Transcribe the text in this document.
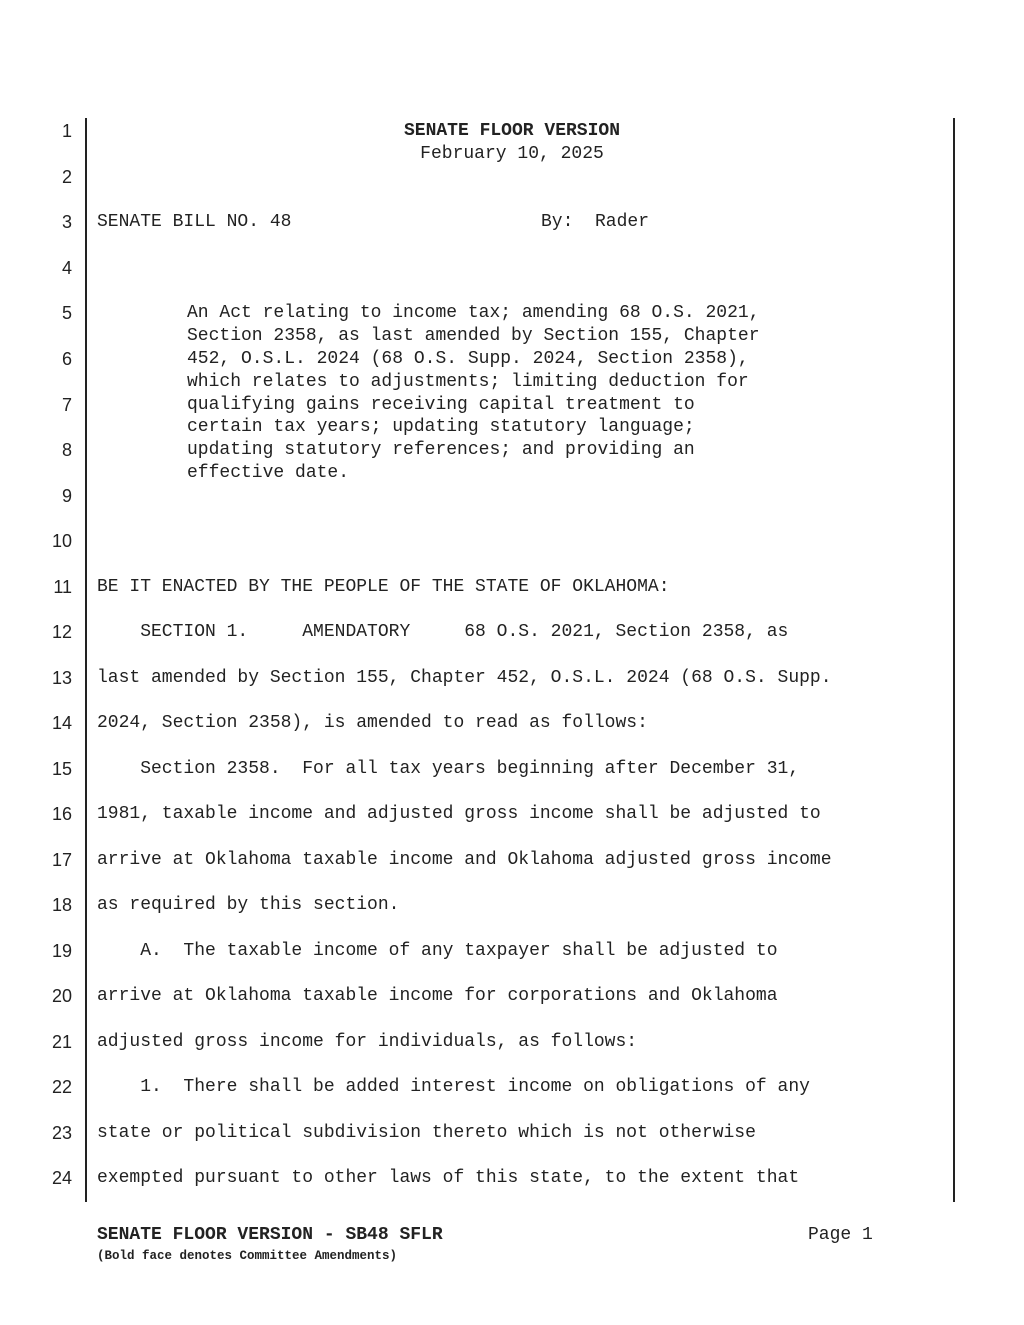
1
2
3
4
5
6
7
8
9
10
11
12
13
14
15
16
17
18
19
20
21
22
23
24
SENATE FLOOR VERSION
February 10, 2025
SENATE BILL NO. 48	By:  Rader
An Act relating to income tax; amending 68 O.S. 2021,
Section 2358, as last amended by Section 155, Chapter
452, O.S.L. 2024 (68 O.S. Supp. 2024, Section 2358),
which relates to adjustments; limiting deduction for
qualifying gains receiving capital treatment to
certain tax years; updating statutory language;
updating statutory references; and providing an
effective date.
BE IT ENACTED BY THE PEOPLE OF THE STATE OF OKLAHOMA:
SECTION 1.     AMENDATORY     68 O.S. 2021, Section 2358, as
last amended by Section 155, Chapter 452, O.S.L. 2024 (68 O.S. Supp.
2024, Section 2358), is amended to read as follows:
Section 2358.  For all tax years beginning after December 31,
1981, taxable income and adjusted gross income shall be adjusted to
arrive at Oklahoma taxable income and Oklahoma adjusted gross income
as required by this section.
A.  The taxable income of any taxpayer shall be adjusted to
arrive at Oklahoma taxable income for corporations and Oklahoma
adjusted gross income for individuals, as follows:
1.  There shall be added interest income on obligations of any
state or political subdivision thereto which is not otherwise
exempted pursuant to other laws of this state, to the extent that
SENATE FLOOR VERSION - SB48 SFLR
(Bold face denotes Committee Amendments)
Page 1
